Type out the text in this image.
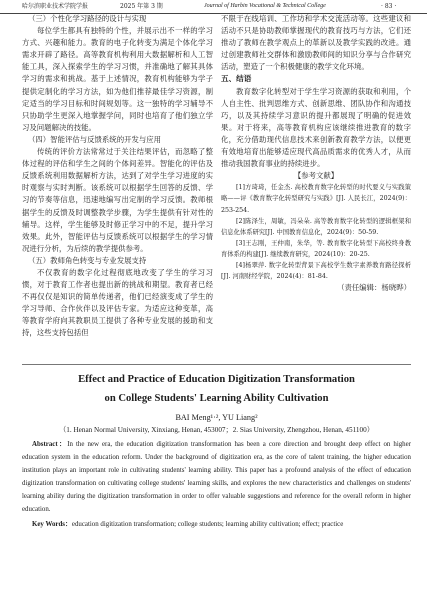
哈尔滨职业技术学院学报	2025 年第 3 期	Journal of Harbin Vocational & Technical College	· 83 ·

（三）个性化学习路径的设计与实现

每位学生都具有独特的个性，并展示出不一样的学习方式、兴趣和能力。教育的电子化转变为满足个体化学习需求开辟了路径。高等教育机构利用大数据解析和人工智能工具，深入探索学生的学习习惯，并准确地了解其具体学习的需求和挑战。基于上述情况，教育机构能够为学子提供定制化的学习方法，如为他们推荐最佳学习资源，制定适当的学习目标和时间规划等。这一独特的学习辅导不只协助学生更深入地掌握学问，同时也培育了他们独立学习及问题解决的技能。

（四）智能评估与反馈系统的开发与应用

传统的评价方法常常过于关注结果评估，而忽略了整体过程的评估和学生之间的个体间差异。智能化的评估及反馈系统利用数据解析方法，达到了对学生学习进度的实时观察与实时判断。该系统可以根据学生回答的反馈、学习的节奏等信息，迅速地编写出定制的学习反馈。教师根据学生的反馈及时调整教学步骤，为学生提供有针对性的辅导。这样，学生能够及时修正学习中的不足，提升学习效果。此外，智能评估与反馈系统可以根据学生的学习情况进行分析，为后续的教学提供参考。

（五）教师角色转变与专业发展支持

不仅教育的数字化过程彻底地改变了学生的学习习惯，对于教育工作者也提出新的挑战和期望。教育者已经不再仅仅是知识的简单传递者，他们已经演变成了学生的学习导师、合作伙伴以及评估专家。为适应这种变革，高等教育学府向其教职员工提供了各种专业发展的援助和支持，这些支持包括但

不限于在线培训、工作坊和学术交流活动等。这些建议和活动不只是协助教师掌握现代的教育技巧与方法，它们还推动了教师在教学观点上的革新以及教学实践的改进。通过创建教师社交群体和激励教师间的知识分享与合作研究活动，塑造了一个积极健康的教学文化环境。

五、结语

教育数字化转型对于学生学习资源的获取和利用，个人自主性、批判思维方式、创新思维、团队协作和沟通技巧，以及其持续学习意识的提升都展现了明确的促进效果。对于将来，高等教育机构应该继续推进教育的数字化，充分借助现代信息技术来创新教育教学方法，以便更有效地培育出能够适应现代高品质需求的优秀人才，从而推动我国教育事业的持续进步。

【参考文献】

[1]方琦琦，任金杰. 高校教育数字化转型的时代要义与实践策略——评《教育数字化转型研究与实践》[J]. 人民长江，2024(9)：253-254.

[2]陈泽生，周敏，冯朵朵. 高等教育数字化转型的逻辑框架和信息化体系研究[J]. 中国教育信息化，2024(9)：50-59.

[3]王志刚，王仲南，朱华，等. 教育数字化转型下高校终身教育体系的构建[J]. 继续教育研究，2024(10)：20-25.

[4]杨翠萍. 数字化转型背景下高校学生数字素养教育路径探析[J]. 河南财经学院，2024(4)：81-84.

（责任编辑：杨晓晔）

Effect and Practice of Education Digitization Transformation

on College Students' Learning Ability Cultivation

BAI Meng¹·², YU Liang²

（1. Henan Normal University, Xinxiang, Henan, 453007；2. Sias University, Zhengzhou, Henan, 451100）

Abstract：In the new era, the education digitization transformation has been a core direction and brought deep effect on higher education system in the education reform. Under the background of digitization era, as the core of talent training, the higher education institution plays an important role in cultivating students' learning ability. This paper has a profound analysis of the effect of education digitization transformation on cultivating college students' learning skills, and explores the new characteristics and challenges on students' learning ability during the digitization transformation in order to offer valuable suggestions and reference for the overall reform in higher education.

Key Words：education digitization transformation; college students; learning ability cultivation; effect; practice
